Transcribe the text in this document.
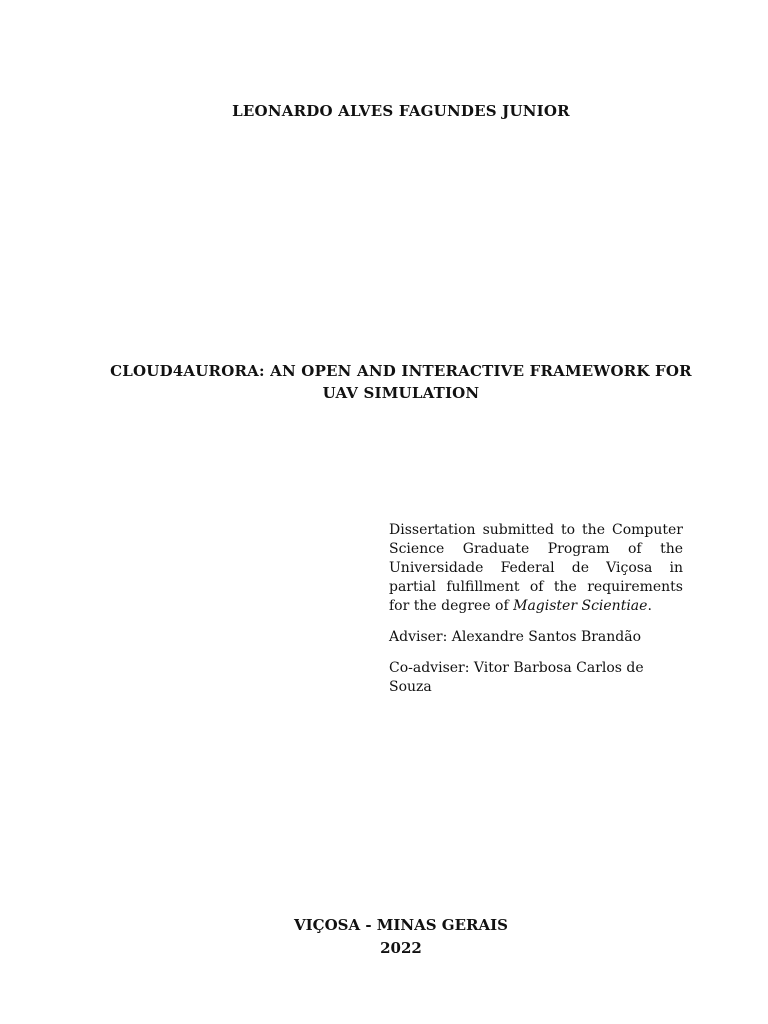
LEONARDO ALVES FAGUNDES JUNIOR
CLOUD4AURORA: AN OPEN AND INTERACTIVE FRAMEWORK FOR
UAV SIMULATION

Dissertation submitted to the Computer Science Graduate Program of the Universidade Federal de Viçosa in partial fulfillment of the requirements for the degree of Magister Scientiae.

Adviser: Alexandre Santos Brandão

Co-adviser: Vitor Barbosa Carlos de Souza

VIÇOSA - MINAS GERAIS
2022
